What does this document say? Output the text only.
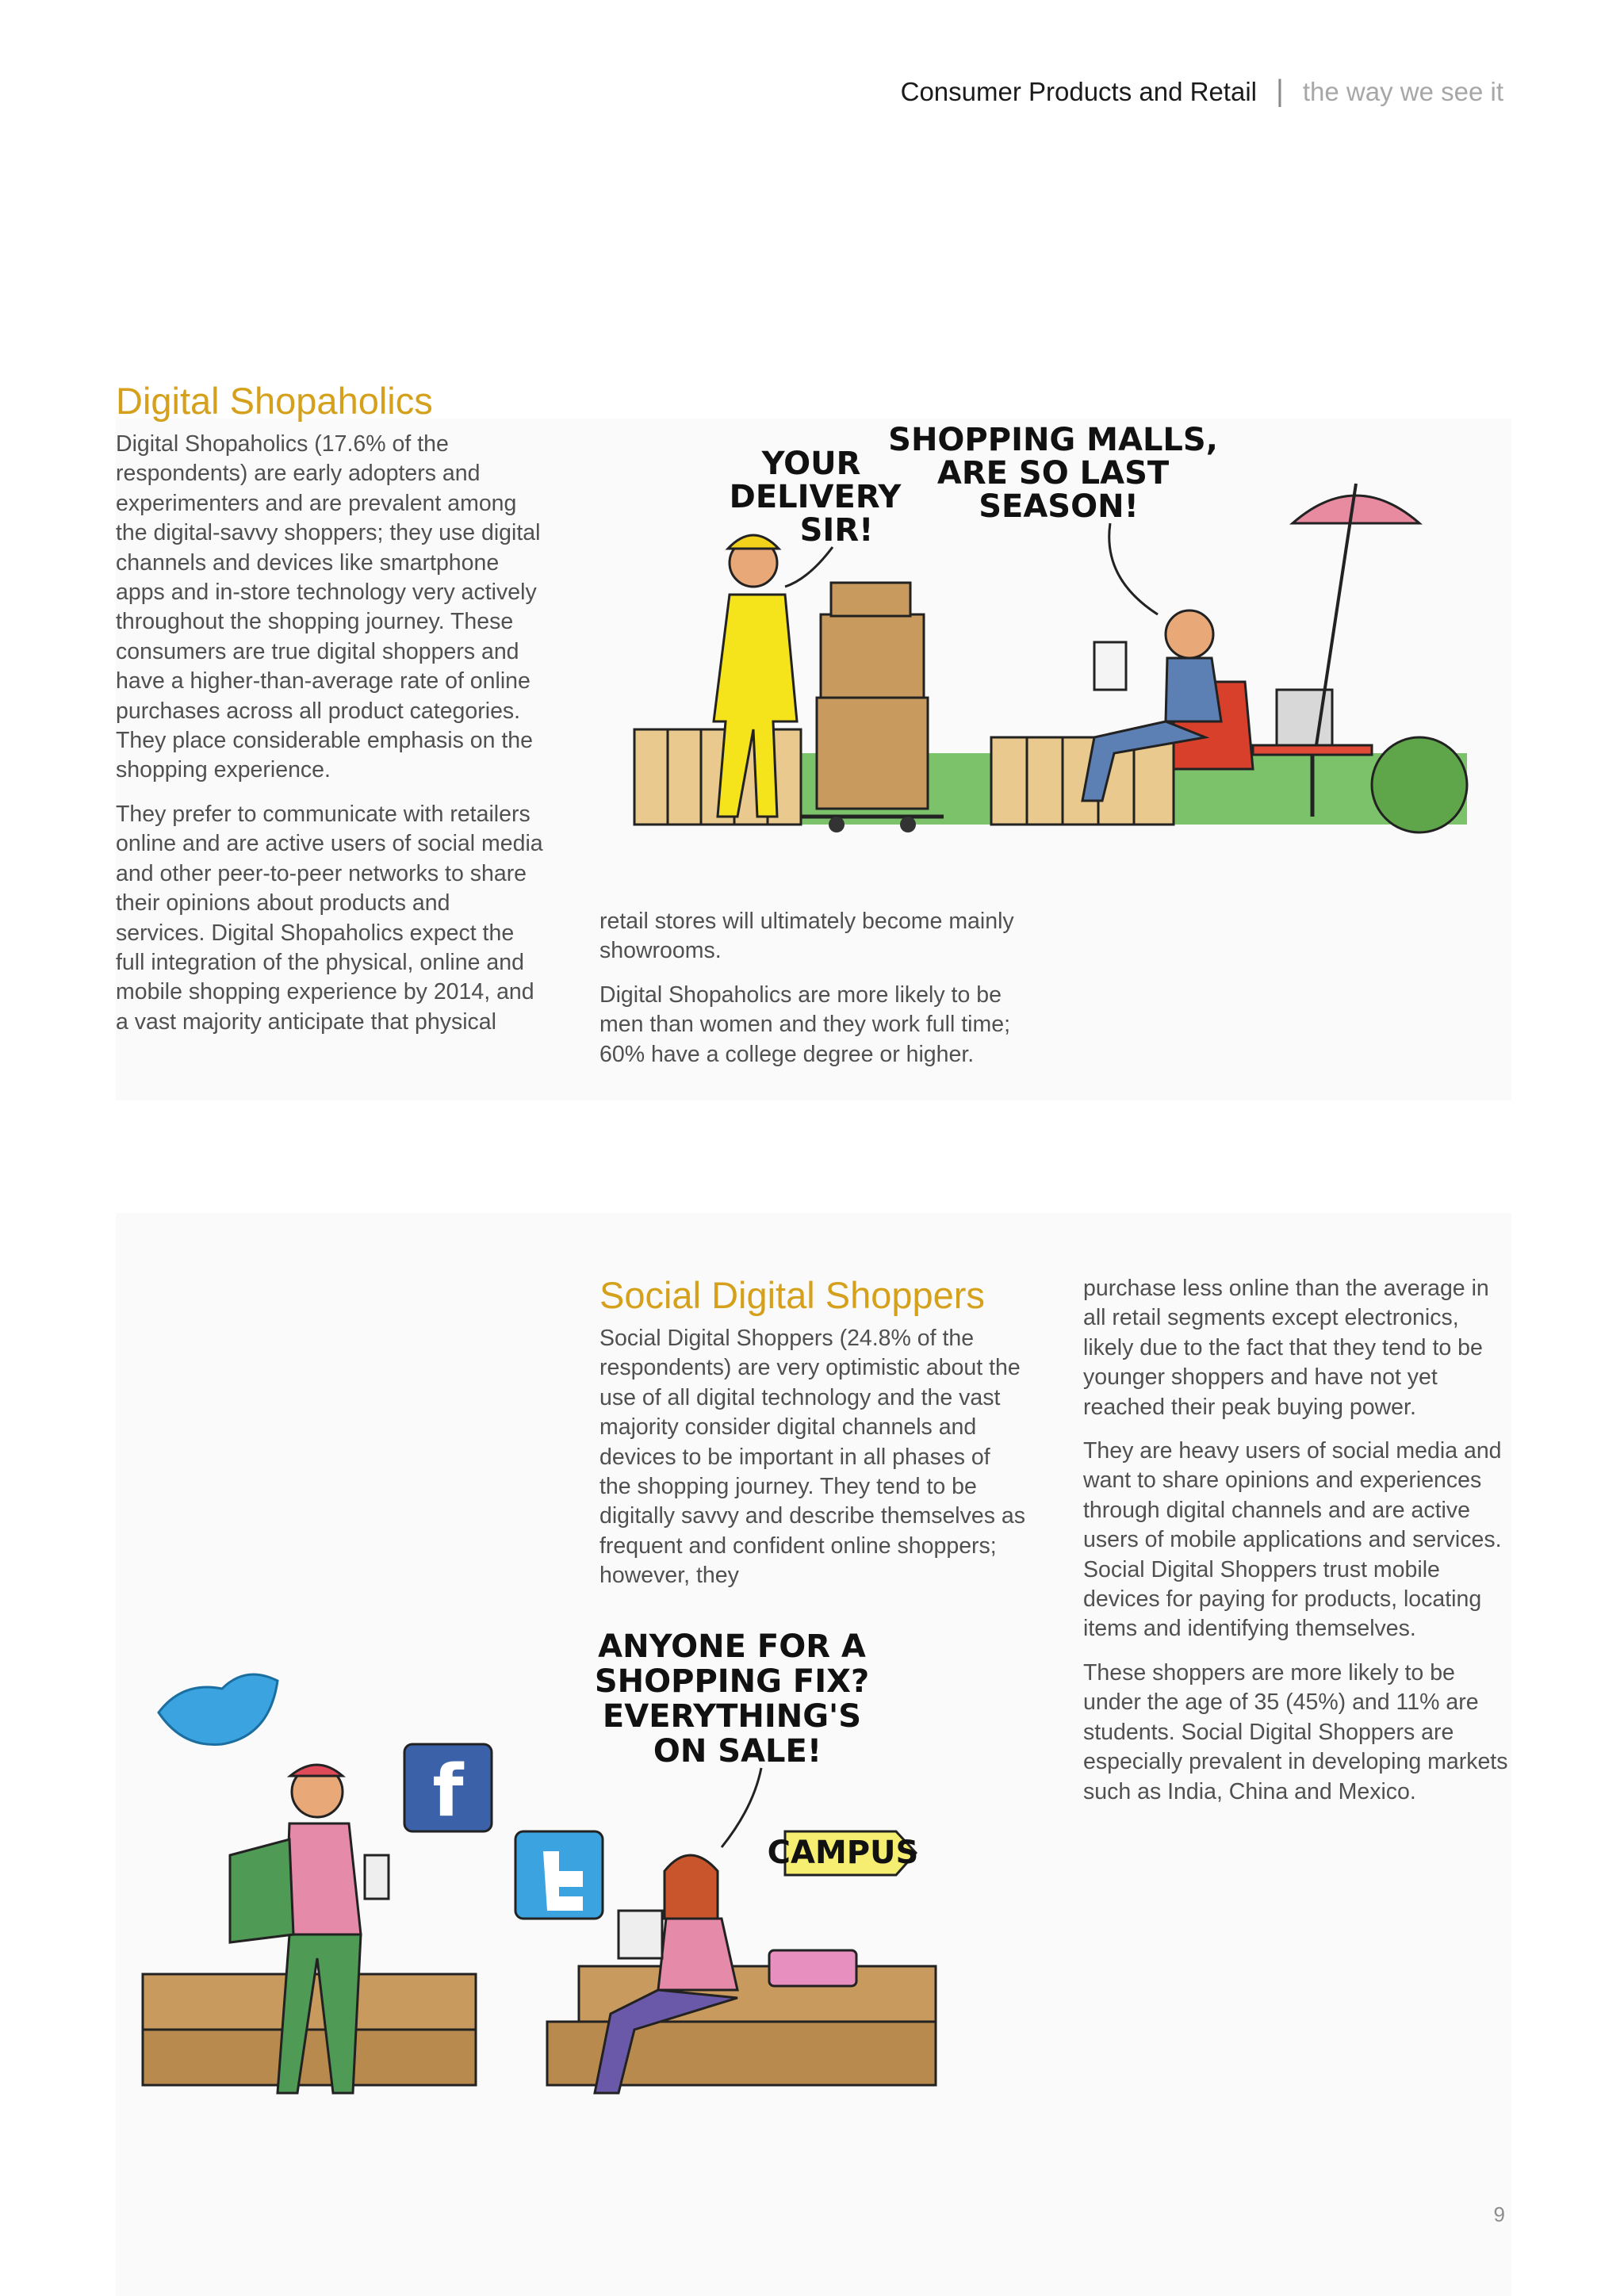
Consumer Products and Retail | the way we see it
Digital Shopaholics

Digital Shopaholics (17.6% of the respondents) are early adopters and experimenters and are prevalent among the digital-savvy shoppers; they use digital channels and devices like smartphone apps and in-store technology very actively throughout the shopping journey. These consumers are true digital shoppers and have a higher-than-average rate of online purchases across all product categories. They place considerable emphasis on the shopping experience.

They prefer to communicate with retailers online and are active users of social media and other peer-to-peer networks to share their opinions about products and services. Digital Shopaholics expect the full integration of the physical, online and mobile shopping experience by 2014, and a vast majority anticipate that physical

retail stores will ultimately become mainly showrooms.

Digital Shopaholics are more likely to be men than women and they work full time; 60% have a college degree or higher.

YOUR DELIVERY SIR!
SHOPPING MALLS, ARE SO LAST SEASON!
Social Digital Shoppers

Social Digital Shoppers (24.8% of the respondents) are very optimistic about the use of all digital technology and the vast majority consider digital channels and devices to be important in all phases of the shopping journey. They tend to be digitally savvy and describe themselves as frequent and confident online shoppers; however, they

purchase less online than the average in all retail segments except electronics, likely due to the fact that they tend to be younger shoppers and have not yet reached their peak buying power.

They are heavy users of social media and want to share opinions and experiences through digital channels and are active users of mobile applications and services. Social Digital Shoppers trust mobile devices for paying for products, locating items and identifying themselves.

These shoppers are more likely to be under the age of 35 (45%) and 11% are students. Social Digital Shoppers are especially prevalent in developing markets such as India, China and Mexico.

f
CAMPUS
ANYONE FOR A SHOPPING FIX? EVERYTHING'S ON SALE!
9
